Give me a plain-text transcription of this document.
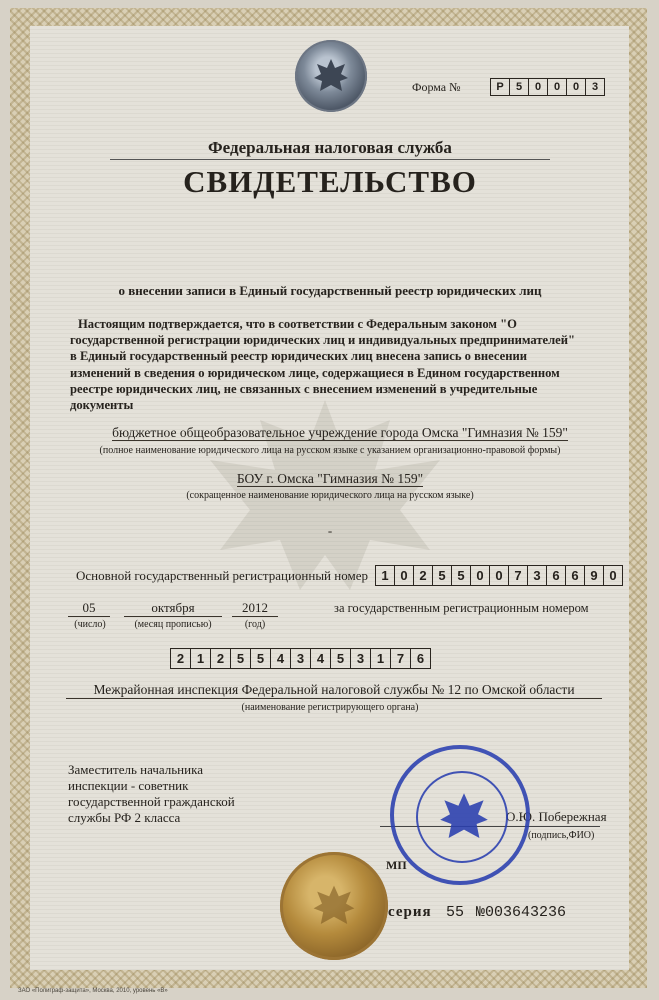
Форма №	Р	5	0	0	0	3
Федеральная налоговая служба
СВИДЕТЕЛЬСТВО
о внесении записи в Единый государственный реестр юридических лиц
Настоящим подтверждается, что в соответствии с Федеральным законом "О
государственной регистрации юридических лиц и индивидуальных предпринимателей"
в Единый государственный реестр юридических лиц внесена запись о внесении
изменений в сведения о юридическом лице, содержащиеся в Едином государственном
реестре юридических лиц, не связанных с внесением изменений в учредительные
документы
бюджетное общеобразовательное учреждение города Омска "Гимназия № 159"
(полное наименование юридического лица на русском языке с указанием организационно-правовой формы)
БОУ г. Омска "Гимназия № 159"
(сокращенное наименование юридического лица на русском языке)
-
Основной государственный регистрационный номер	1 0 2 5 5 0 0 7 3 6 6 9 0
05	октября	2012	за государственным регистрационным номером
(число)	(месяц прописью)	(год)
2 1 2 5 5 4 3 4 5 3 1 7 6
Межрайонная инспекция Федеральной налоговой службы № 12 по Омской области
(наименование регистрирующего органа)
Заместитель начальника
инспекции - советник
государственной гражданской
службы РФ 2 класса	О.Ю. Побережная
(подпись,ФИО)
МП
серия 55 №003643236
ЗАО «Полиграф-защита», Москва, 2010, уровень «В»
